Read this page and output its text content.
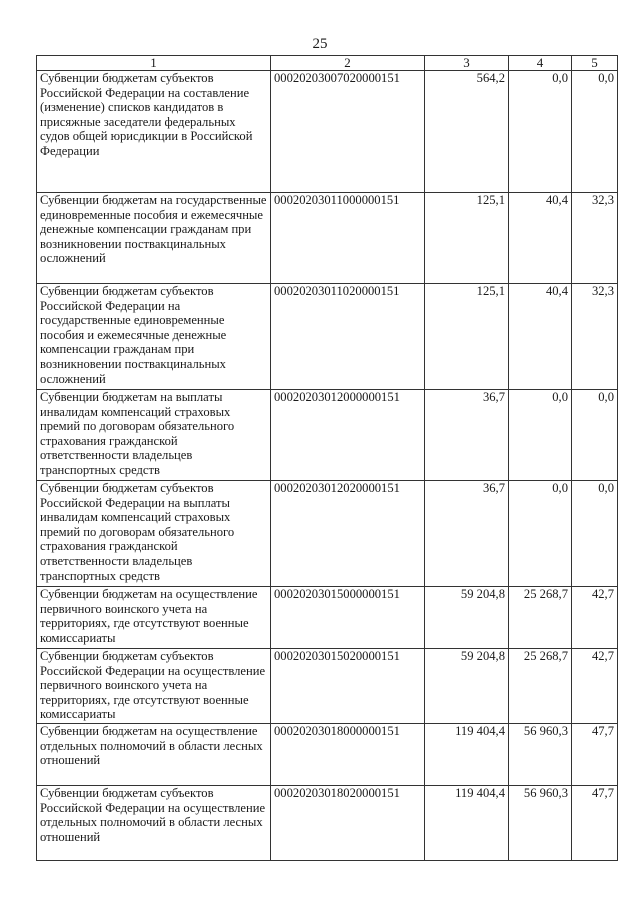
25
1	2	3	4	5
Субвенции бюджетам субъектов Российской Федерации на составление (изменение) списков кандидатов в присяжные заседатели федеральных судов общей юрисдикции в Российской Федерации	00020203007020000151	564,2	0,0	0,0
Субвенции бюджетам на государственные единовременные пособия и ежемесячные денежные компенсации гражданам при возникновении поствакцинальных осложнений	00020203011000000151	125,1	40,4	32,3
Субвенции бюджетам субъектов Российской Федерации на государственные единовременные пособия и ежемесячные денежные компенсации гражданам при возникновении поствакцинальных осложнений	00020203011020000151	125,1	40,4	32,3
Субвенции бюджетам на выплаты инвалидам компенсаций страховых премий по договорам обязательного страхования гражданской ответственности владельцев транспортных средств	00020203012000000151	36,7	0,0	0,0
Субвенции бюджетам субъектов Российской Федерации на выплаты инвалидам компенсаций страховых премий по договорам обязательного страхования гражданской ответственности владельцев транспортных средств	00020203012020000151	36,7	0,0	0,0
Субвенции бюджетам на осуществление первичного воинского учета на территориях, где отсутствуют военные комиссариаты	00020203015000000151	59 204,8	25 268,7	42,7
Субвенции бюджетам субъектов Российской Федерации на осуществление первичного воинского учета на территориях, где отсутствуют военные комиссариаты	00020203015020000151	59 204,8	25 268,7	42,7
Субвенции бюджетам на осуществление отдельных полномочий в области лесных отношений	00020203018000000151	119 404,4	56 960,3	47,7
Субвенции бюджетам субъектов Российской Федерации на осуществление отдельных полномочий в области лесных отношений	00020203018020000151	119 404,4	56 960,3	47,7
